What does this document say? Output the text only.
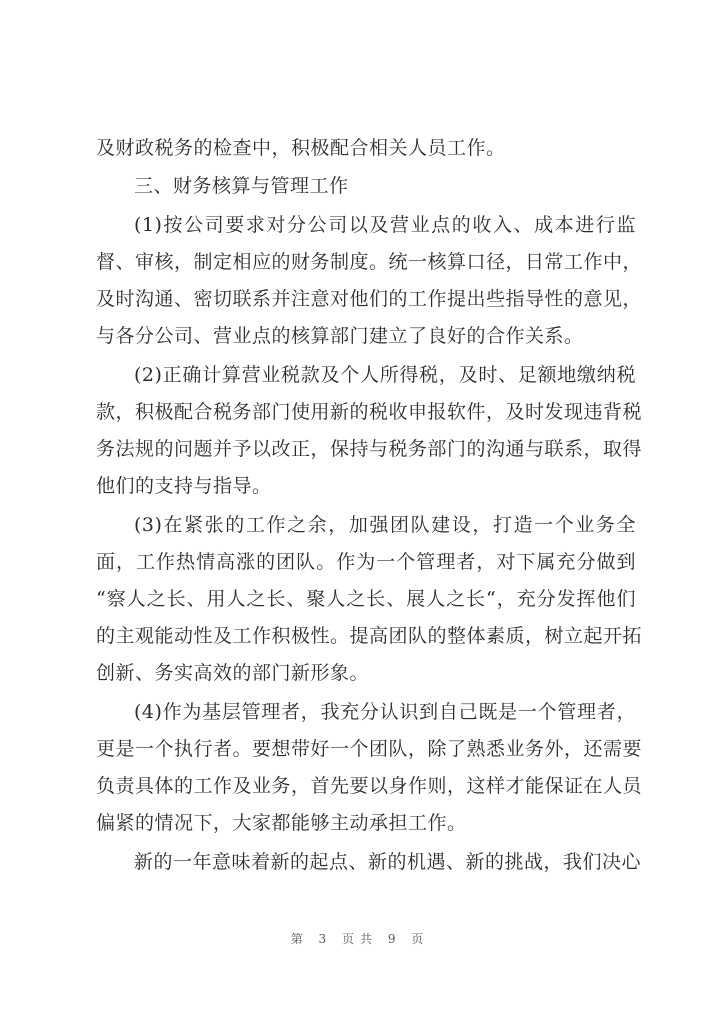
及财政税务的检查中，积极配合相关人员工作。
三、财务核算与管理工作
(1)按公司要求对分公司以及营业点的收入、成本进行监
督、审核，制定相应的财务制度。统一核算口径，日常工作中，
及时沟通、密切联系并注意对他们的工作提出些指导性的意见，
与各分公司、营业点的核算部门建立了良好的合作关系。
(2)正确计算营业税款及个人所得税，及时、足额地缴纳税
款，积极配合税务部门使用新的税收申报软件，及时发现违背税
务法规的问题并予以改正，保持与税务部门的沟通与联系，取得
他们的支持与指导。
(3)在紧张的工作之余，加强团队建设，打造一个业务全
面，工作热情高涨的团队。作为一个管理者，对下属充分做到
“察人之长、用人之长、聚人之长、展人之长“，充分发挥他们
的主观能动性及工作积极性。提高团队的整体素质，树立起开拓
创新、务实高效的部门新形象。
(4)作为基层管理者，我充分认识到自己既是一个管理者，
更是一个执行者。要想带好一个团队，除了熟悉业务外，还需要
负责具体的工作及业务，首先要以身作则，这样才能保证在人员
偏紧的情况下，大家都能够主动承担工作。
新的一年意味着新的起点、新的机遇、新的挑战，我们决心
第 3 页共 9 页
